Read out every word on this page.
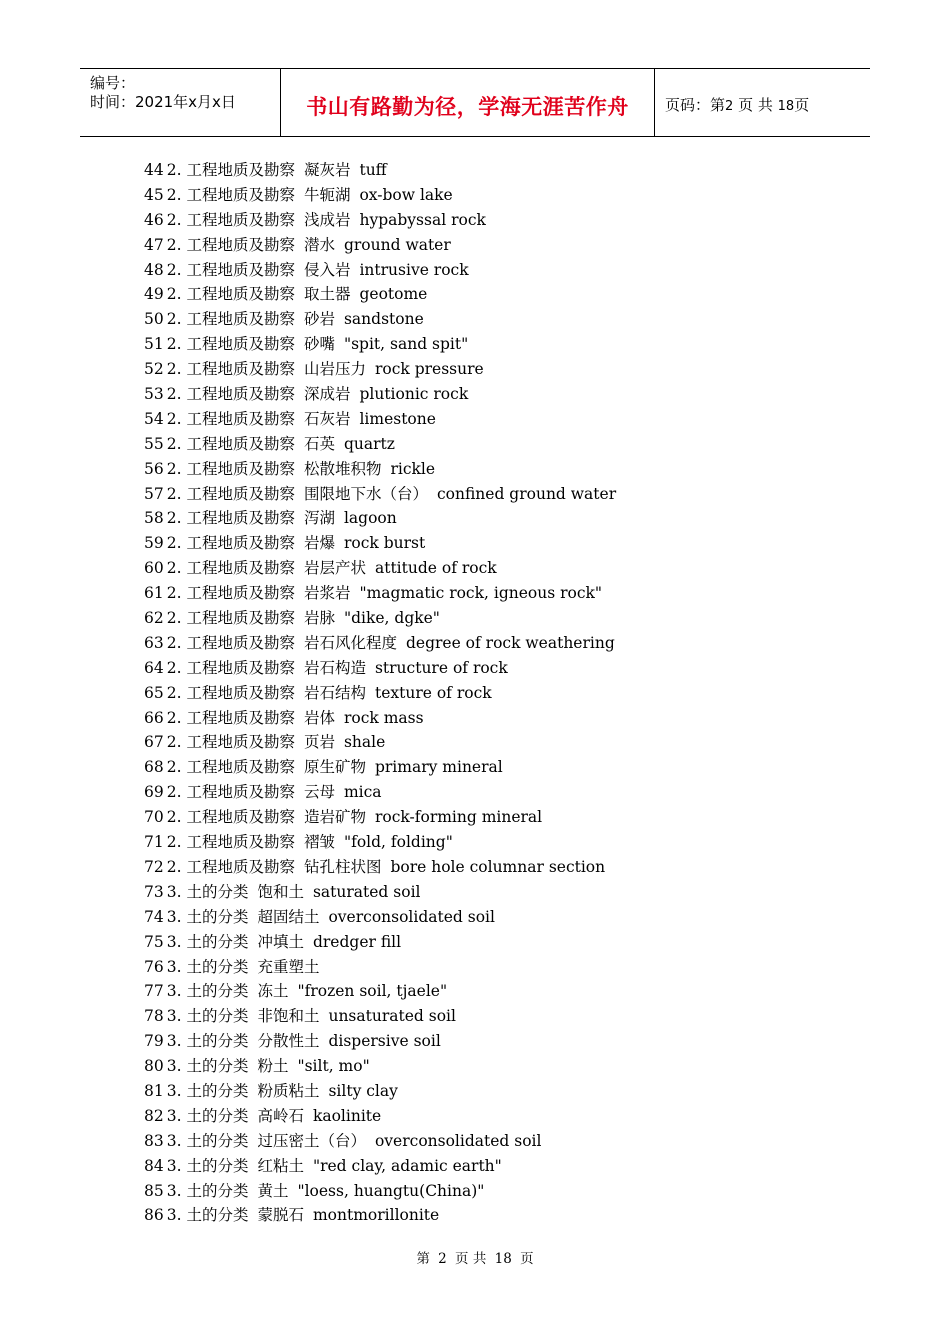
编号：
时间：2021年x月x日	书山有路勤为径，学海无涯苦作舟	页码：第2 页 共 18页
44 2. 工程地质及勘察 凝灰岩 tuff
45 2. 工程地质及勘察 牛轭湖 ox-bow lake
46 2. 工程地质及勘察 浅成岩 hypabyssal rock
47 2. 工程地质及勘察 潜水 ground water
48 2. 工程地质及勘察 侵入岩 intrusive rock
49 2. 工程地质及勘察 取土器 geotome
50 2. 工程地质及勘察 砂岩 sandstone
51 2. 工程地质及勘察 砂嘴 "spit, sand spit"
52 2. 工程地质及勘察 山岩压力 rock pressure
53 2. 工程地质及勘察 深成岩 plutionic rock
54 2. 工程地质及勘察 石灰岩 limestone
55 2. 工程地质及勘察 石英 quartz
56 2. 工程地质及勘察 松散堆积物 rickle
57 2. 工程地质及勘察 围限地下水（台） confined ground water
58 2. 工程地质及勘察 泻湖 lagoon
59 2. 工程地质及勘察 岩爆 rock burst
60 2. 工程地质及勘察 岩层产状 attitude of rock
61 2. 工程地质及勘察 岩浆岩 "magmatic rock, igneous rock"
62 2. 工程地质及勘察 岩脉 "dike, dgke"
63 2. 工程地质及勘察 岩石风化程度 degree of rock weathering
64 2. 工程地质及勘察 岩石构造 structure of rock
65 2. 工程地质及勘察 岩石结构 texture of rock
66 2. 工程地质及勘察 岩体 rock mass
67 2. 工程地质及勘察 页岩 shale
68 2. 工程地质及勘察 原生矿物 primary mineral
69 2. 工程地质及勘察 云母 mica
70 2. 工程地质及勘察 造岩矿物 rock-forming mineral
71 2. 工程地质及勘察 褶皱 "fold, folding"
72 2. 工程地质及勘察 钻孔柱状图 bore hole columnar section
73 3. 土的分类 饱和土 saturated soil
74 3. 土的分类 超固结土 overconsolidated soil
75 3. 土的分类 冲填土 dredger fill
76 3. 土的分类 充重塑土
77 3. 土的分类 冻土 "frozen soil, tjaele"
78 3. 土的分类 非饱和土 unsaturated soil
79 3. 土的分类 分散性土 dispersive soil
80 3. 土的分类 粉土 "silt, mo"
81 3. 土的分类 粉质粘土 silty clay
82 3. 土的分类 高岭石 kaolinite
83 3. 土的分类 过压密土（台） overconsolidated soil
84 3. 土的分类 红粘土 "red clay, adamic earth"
85 3. 土的分类 黄土 "loess, huangtu(China)"
86 3. 土的分类 蒙脱石 montmorillonite
第 2 页 共 18 页
